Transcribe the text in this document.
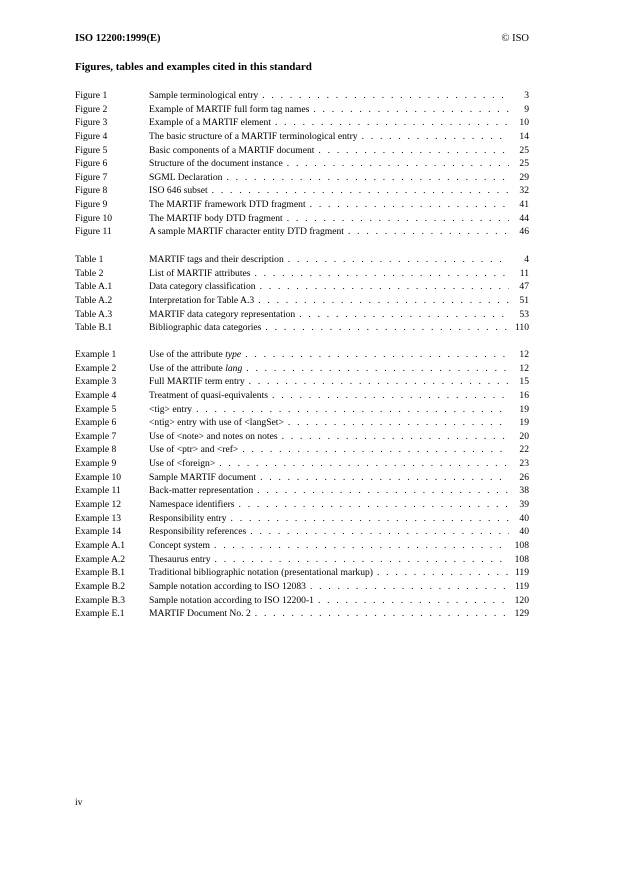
ISO 12200:1999(E)	© ISO
Figures, tables and examples cited in this standard
Figure 1	Sample terminological entry . . .	3
Figure 2	Example of MARTIF full form tag names . . .	9
Figure 3	Example of a MARTIF element . . .	10
Figure 4	The basic structure of a MARTIF terminological entry . . .	14
Figure 5	Basic components of a MARTIF document . . .	25
Figure 6	Structure of the document instance . . .	25
Figure 7	SGML Declaration . . .	29
Figure 8	ISO 646 subset . . .	32
Figure 9	The MARTIF framework DTD fragment . . .	41
Figure 10	The MARTIF body DTD fragment . . .	44
Figure 11	A sample MARTIF character entity DTD fragment . . .	46
Table 1	MARTIF tags and their description . . .	4
Table 2	List of MARTIF attributes . . .	11
Table A.1	Data category classification . . .	47
Table A.2	Interpretation for Table A.3 . . .	51
Table A.3	MARTIF data category representation . . .	53
Table B.1	Bibliographic data categories . . .	110
Example 1	Use of the attribute type . . .	12
Example 2	Use of the attribute lang . . .	12
Example 3	Full MARTIF term entry . . .	15
Example 4	Treatment of quasi-equivalents . . .	16
Example 5	<tig> entry . . .	19
Example 6	<ntig> entry with use of <langSet> . . .	19
Example 7	Use of <note> and notes on notes . . .	20
Example 8	Use of <ptr> and <ref> . . .	22
Example 9	Use of <foreign> . . .	23
Example 10	Sample MARTIF document . . .	26
Example 11	Back-matter representation . . .	38
Example 12	Namespace identifiers . . .	39
Example 13	Responsibility entry . . .	40
Example 14	Responsibility references . . .	40
Example A.1	Concept system . . .	108
Example A.2	Thesaurus entry . . .	108
Example B.1	Traditional bibliographic notation (presentational markup) . . .	119
Example B.2	Sample notation according to ISO 12083 . . .	119
Example B.3	Sample notation according to ISO 12200-1 . . .	120
Example E.1	MARTIF Document No. 2 . . .	129
iv
